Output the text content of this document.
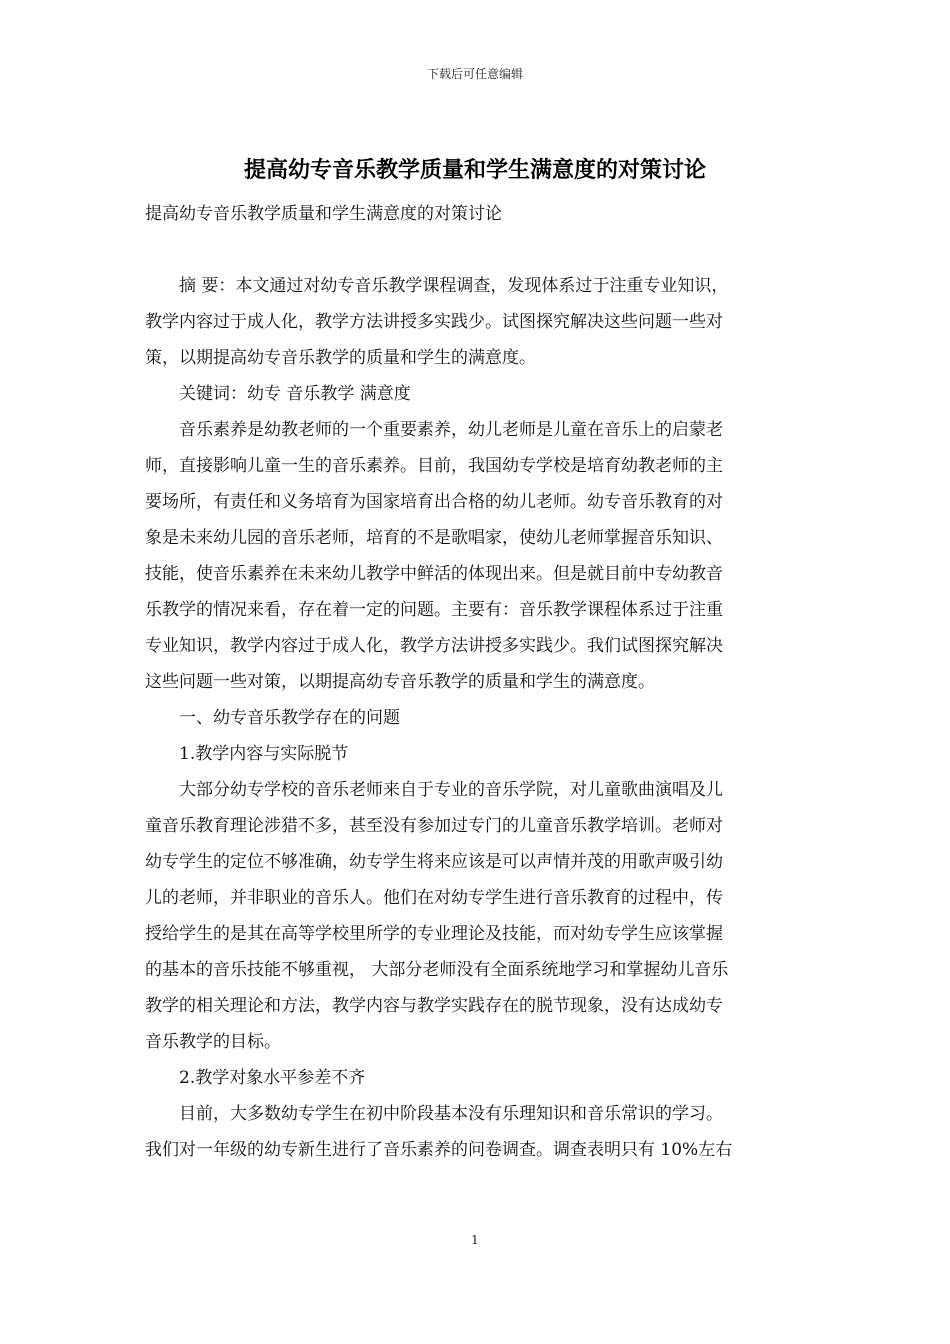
下载后可任意编辑
提高幼专音乐教学质量和学生满意度的对策讨论

提高幼专音乐教学质量和学生满意度的对策讨论

摘 要：本文通过对幼专音乐教学课程调查，发现体系过于注重专业知识，

教学内容过于成人化，教学方法讲授多实践少。试图探究解决这些问题一些对

策，以期提高幼专音乐教学的质量和学生的满意度。

关键词：幼专 音乐教学 满意度

音乐素养是幼教老师的一个重要素养，幼儿老师是儿童在音乐上的启蒙老

师，直接影响儿童一生的音乐素养。目前，我国幼专学校是培育幼教老师的主

要场所，有责任和义务培育为国家培育出合格的幼儿老师。幼专音乐教育的对

象是未来幼儿园的音乐老师，培育的不是歌唱家，使幼儿老师掌握音乐知识、

技能，使音乐素养在未来幼儿教学中鲜活的体现出来。但是就目前中专幼教音

乐教学的情况来看，存在着一定的问题。主要有：音乐教学课程体系过于注重

专业知识，教学内容过于成人化，教学方法讲授多实践少。我们试图探究解决

这些问题一些对策，以期提高幼专音乐教学的质量和学生的满意度。

一、幼专音乐教学存在的问题

1.教学内容与实际脱节

大部分幼专学校的音乐老师来自于专业的音乐学院，对儿童歌曲演唱及儿

童音乐教育理论涉猎不多，甚至没有参加过专门的儿童音乐教学培训。老师对

幼专学生的定位不够准确，幼专学生将来应该是可以声情并茂的用歌声吸引幼

儿的老师，并非职业的音乐人。他们在对幼专学生进行音乐教育的过程中，传

授给学生的是其在高等学校里所学的专业理论及技能，而对幼专学生应该掌握

的基本的音乐技能不够重视， 大部分老师没有全面系统地学习和掌握幼儿音乐

教学的相关理论和方法，教学内容与教学实践存在的脱节现象，没有达成幼专

音乐教学的目标。

2.教学对象水平参差不齐

目前，大多数幼专学生在初中阶段基本没有乐理知识和音乐常识的学习。

我们对一年级的幼专新生进行了音乐素养的问卷调查。调查表明只有 10%左右

1
